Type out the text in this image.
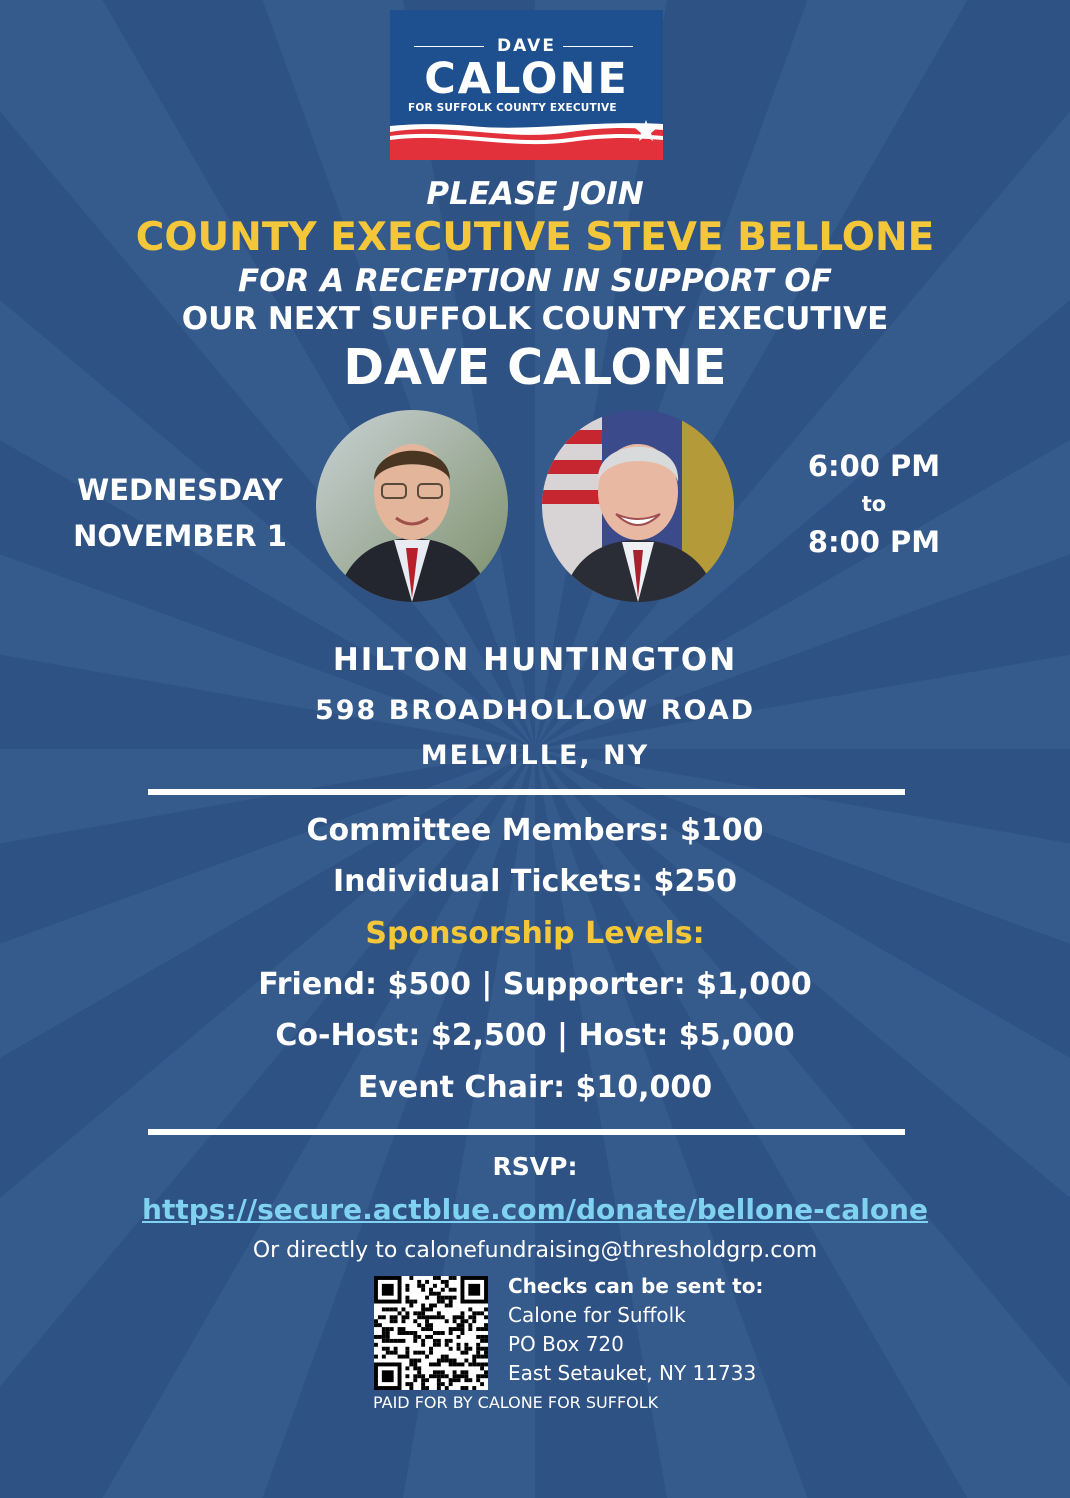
DAVE
CALONE
FOR SUFFOLK COUNTY EXECUTIVE
PLEASE JOIN
COUNTY EXECUTIVE STEVE BELLONE
FOR A RECEPTION IN SUPPORT OF
OUR NEXT SUFFOLK COUNTY EXECUTIVE
DAVE CALONE
WEDNESDAY
NOVEMBER 1
6:00 PM
to
8:00 PM
HILTON HUNTINGTON
598 BROADHOLLOW ROAD
MELVILLE, NY
Committee Members: $100
Individual Tickets: $250
Sponsorship Levels:
Friend: $500 | Supporter: $1,000
Co-Host: $2,500 | Host: $5,000
Event Chair: $10,000
RSVP:
https://secure.actblue.com/donate/bellone-calone
Or directly to calonefundraising@thresholdgrp.com
Checks can be sent to:
Calone for Suffolk
PO Box 720
East Setauket, NY 11733
PAID FOR BY CALONE FOR SUFFOLK
